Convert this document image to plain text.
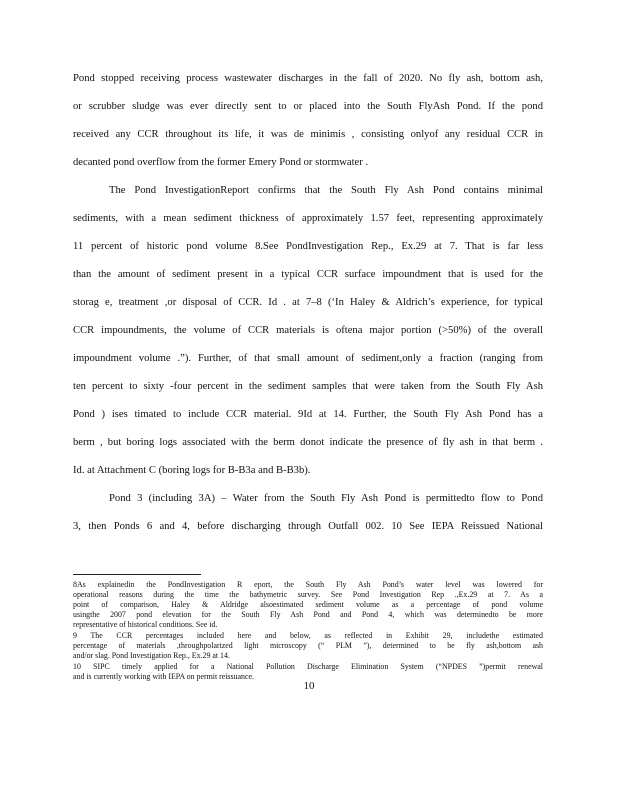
Pond stopped receiving process wastewater discharges in the fall of 2020. No fly ash, bottom ash,
or scrubber sludge was ever directly sent to or placed into the South FlyAsh Pond. If the pond
received any CCR throughout its life, it was de minimis , consisting onlyof any residual CCR in
decanted pond overflow from the former Emery Pond or stormwater .
The Pond InvestigationReport confirms that the South Fly Ash Pond contains minimal
sediments, with a mean sediment thickness of approximately 1.57 feet, representing approximately
11 percent of historic pond volume 8.See PondInvestigation Rep., Ex.29 at 7. That is far less
than the amount of sediment present in a typical CCR surface impoundment that is used for the
storag e, treatment ,or disposal of CCR. Id . at 7–8 (‘In Haley & Aldrich’s experience, for typical
CCR impoundments, the volume of CCR materials is oftena major portion (>50%) of the overall
impoundment volume .”). Further, of that small amount of sediment,only a fraction (ranging from
ten percent to sixty -four percent in the sediment samples that were taken from the South Fly Ash
Pond ) ises timated to include CCR material. 9Id at 14. Further, the South Fly Ash Pond has a
berm , but boring logs associated with the berm donot indicate the presence of fly ash in that berm .
Id. at Attachment C (boring logs for B-B3a and B-B3b).
Pond 3 (including 3A) – Water from the South Fly Ash Pond is permittedto flow to Pond
3, then Ponds 6 and 4, before discharging through Outfall 002. 10 See IEPA Reissued National
8As explainedin the PondInvestigation R eport, the South Fly Ash Pond’s water level was lowered for
operational reasons during the time the bathymetric survey. See Pond Investigation Rep .,Ex.29 at 7. As a
point of comparison, Haley & Aldridge alsoestimated sediment volume as a percentage of pond volume
usingthe 2007 pond elevation for the South Fly Ash Pond and Pond 4, which was determinedto be more
representative of historical conditions. See id.
9 The CCR percentages included here and below, as reflected in Exhibit 29, includethe estimated
percentage of materials ,throughpolarized light microscopy (“ PLM ”), determined to be fly ash,bottom ash
and/or slag. Pond Investigation Rep., Ex.29 at 14.
10 SIPC timely applied for a National Pollution Discharge Elimination System (“NPDES ”)permit renewal
and is currently working with IEPA on permit reissuance.
10
